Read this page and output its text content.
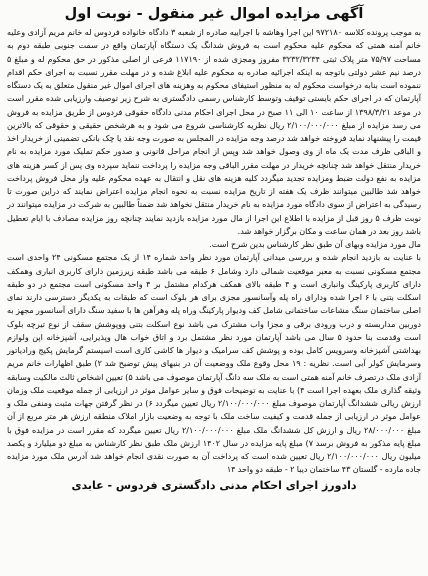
آگهی مزایده اموال غیر منقول - نوبت اول

به موجب پرونده کلاسه ۹۷۲۱۸۰ این اجرا وهاشه با اجراییه صادره از شعبه ۳ دادگاه خانواده فردوس له خانم مریم آزادی وعلیه خانم آمنه همتی که محکوم علیه محکوم است به فروش شدانگ یک دستگاه آپارتمان واقع در سمت جنوبی طبقه دوم به مساحت ۷۵/۹۷ متر پلاک ثبتی ۳۲۳۲/۳۲۳۴ مفروز ومجزی شده از ۱۱۷۱۹۰ فرعی از اصلی مذکور در حق محکوم له و مبلغ ۵ درصد نیم عشر دولتی باتوجه به اینکه اجرائیه صادره به محکوم علیه ابلاغ شده و در مهلت مقرر نسبت به اجرای حکم اقدام ننموده است بنابه درخواست محکوم له به منظور استیفای محکوم به وهزینه های اجرای اموال غیر منقول متعلق به یک دستگاه آپارتمان که در اجرای حکم بایستی توقیف وتوسط کارشناس رسمی دادگستری به شرح زیر توصیف وارزیابی شده مقرر است در موعد ۱۳۹۸/۳/۲۱ از ساعت ۱۰ الی ۱۱ صبح در محل اجرای احکام مدنی دادگاه حقوقی فردوس از طریق مزایده به فروش می رسد مزایده از مبلغ ۲/۱۰۰/۰۰۰/۰۰۰ ریال نظریه کارشناسی شروع می شود و به هرشخص حقیقی و حقوقی که بالاترین قیمت را پیشنهاد نماید فروخته خواهد شد درصد وجه مزایده در المجلس به صورت وجه نقد یا چک بانکی تضمینی از خریدار اخذ و الباقی ظرف مدت یک ماه از وی وصول خواهد شد وپس از انجام مراحل قانونی و صدور حکم تملیک مورد مزایده به نام خریدار منتقل خواهد شد چنانچه خریدار در مهلت مقرر الباقی وجه مزایده را پرداخت ننماید سپرده وی پس از کسر هزینه های مزایده به نفع دولت ضبط ومزایده تجدید میگردد کلیه هزینه های نقل و انتقال به عهده محکوم علیه واز محل فروش پرداخت خواهد شد طالبین میتوانند ظرف یک هفته از تاریخ مزایده نسبت به نحوه انجام مزایده اعتراض نمایند که دراین صورت تا رسیدگی به اعتراض از سوی دادگاه مورد مزایده به نام خریدار منتقل نخواهد شد ضمناً طالبین به شرکت در مزایده میتوانند در نوبت ظرف ۵ روز قبل از مزایده با اطلاع این اجرا از مال مورد مزایده بازدید نمایند چنانچه روز مزایده مصادف با ایام تعطیل باشد روز بعد در همان ساعت و مکان برگزار خواهد شد.

مال مورد مزایده وبهای آن طبق نظر کارشناس بدین شرح است.

با عنایت به بازدید انجام شده و بررسی میدانی آپارتمان مورد نظر واحد شماره ۱۴ از یک مجتمع مسکونی ۲۴ واحدی است مجتمع مسکونی نسبت به معبر موقعیت شمالی دارد وشامل ۶ طبقه می باشد طبقه زیرزمین دارای کاربری انباری وهمکف دارای کاربری پارکینگ وانباری است و ۴ طبقه بالای همکف هرکدام مشتمل بر ۴ واحد مسکونی است مجتمع در دو طبقه اسکلت بتنی با ۶ اجرا شده ودارای راه پله وآسانسور مجزی برای هر بلوک است که طبقات به یکدیگر دسترسی دارند نمای اصلی ساختمان سنگ مشاعات ساختمانی شامل کف ودیوار پارکینگ وراه پله وهرآهن ها با سفید سنگ دارای آسانسور مجهز به دوربین مداربسته و درب ورودی برقی و مجزا واب مشترک می باشد نوع اسکلت بتنی ووپوشش سقف از نوع تیرچه بلوک است وقدمت بنا حدود ۵ سال می باشد آپارتمان مورد نظر مشتمل برد و اتاق خواب هال وپذیرایی، آشپزخانه اپن ولوازم بهداشتی آشپزخانه وسرویس کامل بوده و پوشش کف سرامیک و دیوار ها کاشی کاری است اسیستم گرمایش پکیج ورادیاتور وسرمایش کولر آبی است. نظریه : ۱۹ محل وقوع ملک ووضعیت آن در بنبهای پیش توضیح شد ۲) طبق اظهارات خانم مریم آزادی ملک درتصرف خانم آمنه همتی است به ملک سه دانگ آپارتمان موصوف می باشد ۵) تعیین اشخاص ثالث مالکیت وسابقه وثیقه گذاری ملک بعهده اجرا است ۴) با عنایت به توضیحات فوق و سایر عوامل موثر در ارزیابی از جمله موقعیت ملک وزمان ارزش ریالی ششدانگ آپارتمان موصوف مبلغ ۲/۱۰۰/۰۰۰/۰۰۰ ریال تعیین میگردد ۶) در نظر گرفتن جهات مثبت ومنفی ملک و عوامل موثر در ارزیابی از جمله قدمت و کیفیت ساخت ملک با توجه به وضعیت بازار املاک منطقه ارزش هر متر مربع از آن مبلغ ۲۸/۰۰۰/۰۰۰ ریال و ارزش کل ششدانگ ملک مبلغ ۲/۱۰۰/۰۰۰/۰۰۰ ریال تعیین میگردد که مقرر است در مزایده فوق با مبلغ پایه مذکور به فروش برسد ۷) مبلغ پایه مزایده در سال ۱۴۰۲ ارزش ملک طبق نظر کارشناس به مبلغ دو میلیارد و یکصد میلیون ریال ۲/۱۰۰/۰۰۰/۰۰۰ ریال تعیین شده است که پرداخت آن به صورت نقدی انجام خواهد شد آدرس ملک مورد مزایده جاده مارده - گلستان ۴۳ ساختمان دیبا ۲ - طبقه دو واحد ۱۴

دادورز اجرای احکام مدنی دادگستری فردوس - عابدی
